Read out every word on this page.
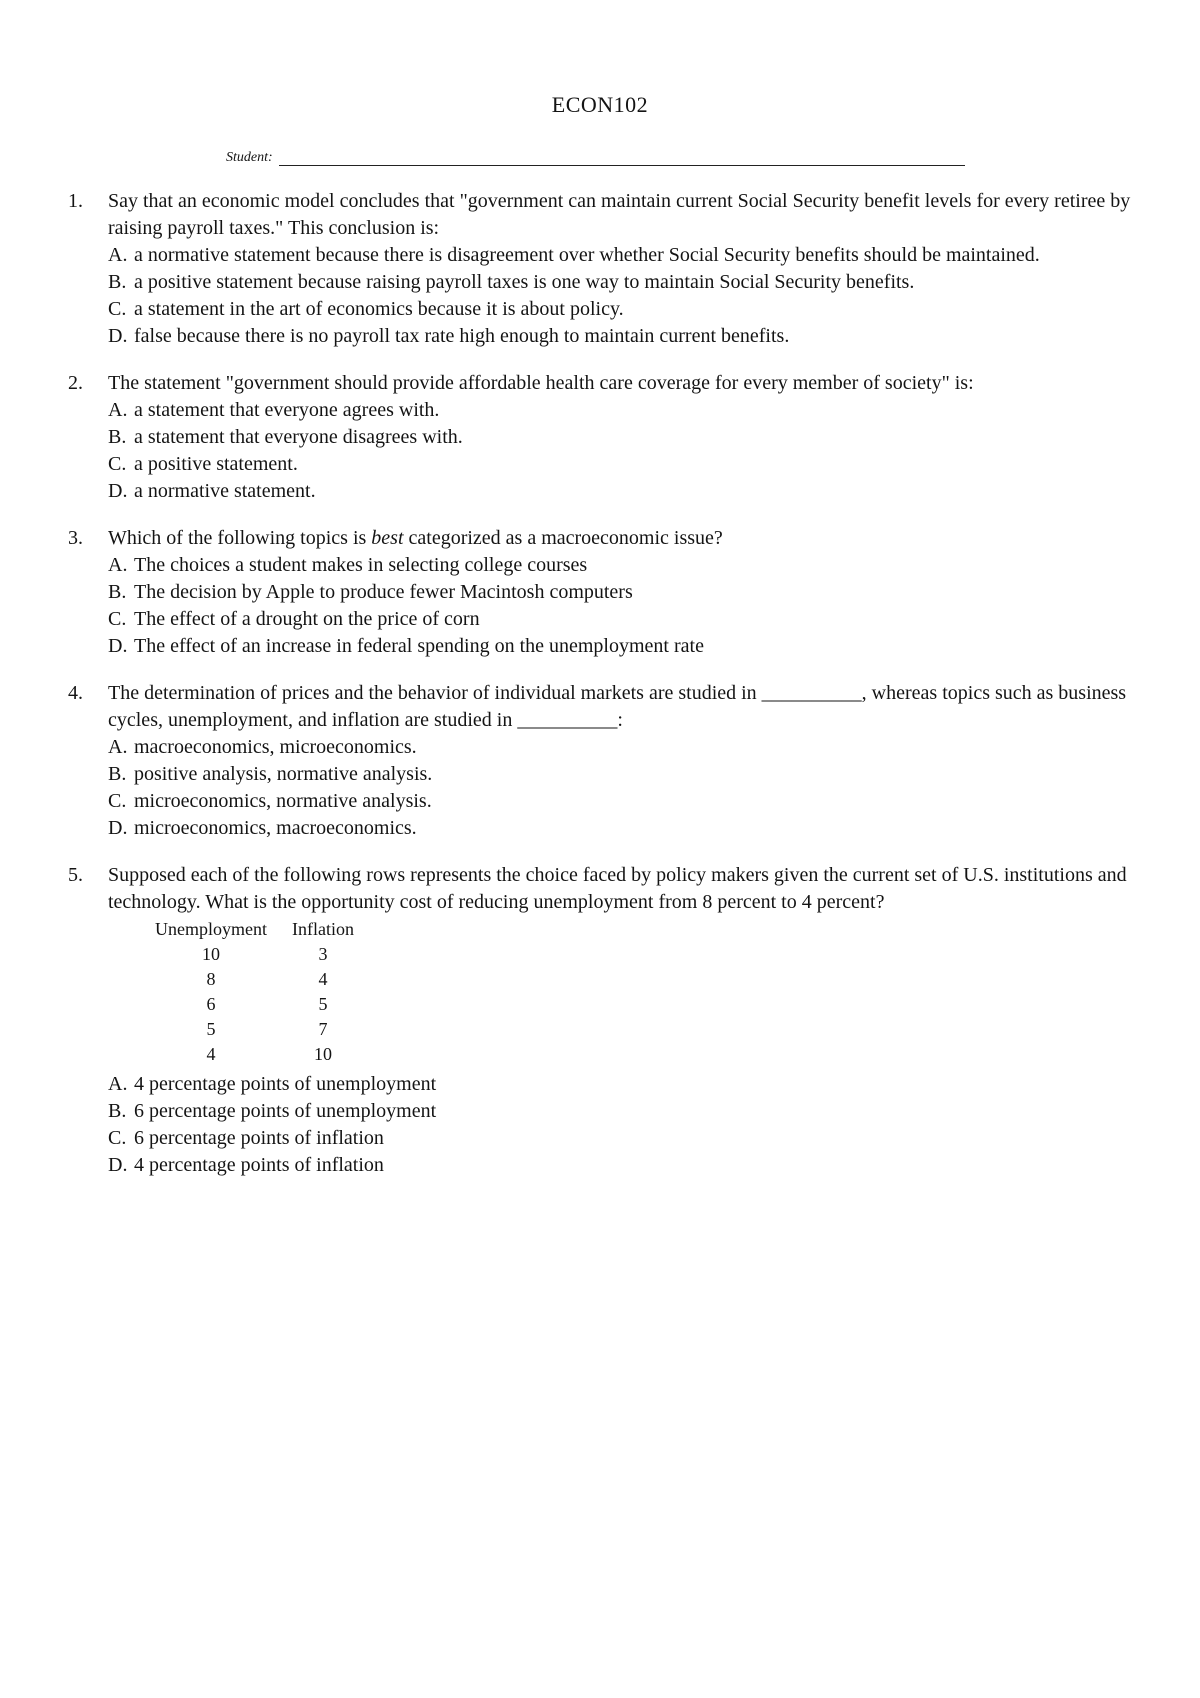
ECON102
Student:
1. Say that an economic model concludes that "government can maintain current Social Security benefit levels for every retiree by raising payroll taxes." This conclusion is:
A. a normative statement because there is disagreement over whether Social Security benefits should be maintained.
B. a positive statement because raising payroll taxes is one way to maintain Social Security benefits.
C. a statement in the art of economics because it is about policy.
D. false because there is no payroll tax rate high enough to maintain current benefits.
2. The statement "government should provide affordable health care coverage for every member of society" is:
A. a statement that everyone agrees with.
B. a statement that everyone disagrees with.
C. a positive statement.
D. a normative statement.
3. Which of the following topics is best categorized as a macroeconomic issue?
A. The choices a student makes in selecting college courses
B. The decision by Apple to produce fewer Macintosh computers
C. The effect of a drought on the price of corn
D. The effect of an increase in federal spending on the unemployment rate
4. The determination of prices and the behavior of individual markets are studied in __________, whereas topics such as business cycles, unemployment, and inflation are studied in __________:
A. macroeconomics, microeconomics.
B. positive analysis, normative analysis.
C. microeconomics, normative analysis.
D. microeconomics, macroeconomics.
5. Supposed each of the following rows represents the choice faced by policy makers given the current set of U.S. institutions and technology. What is the opportunity cost of reducing unemployment from 8 percent to 4 percent?
Unemployment	Inflation
10	3
8	4
6	5
5	7
4	10
A. 4 percentage points of unemployment
B. 6 percentage points of unemployment
C. 6 percentage points of inflation
D. 4 percentage points of inflation
